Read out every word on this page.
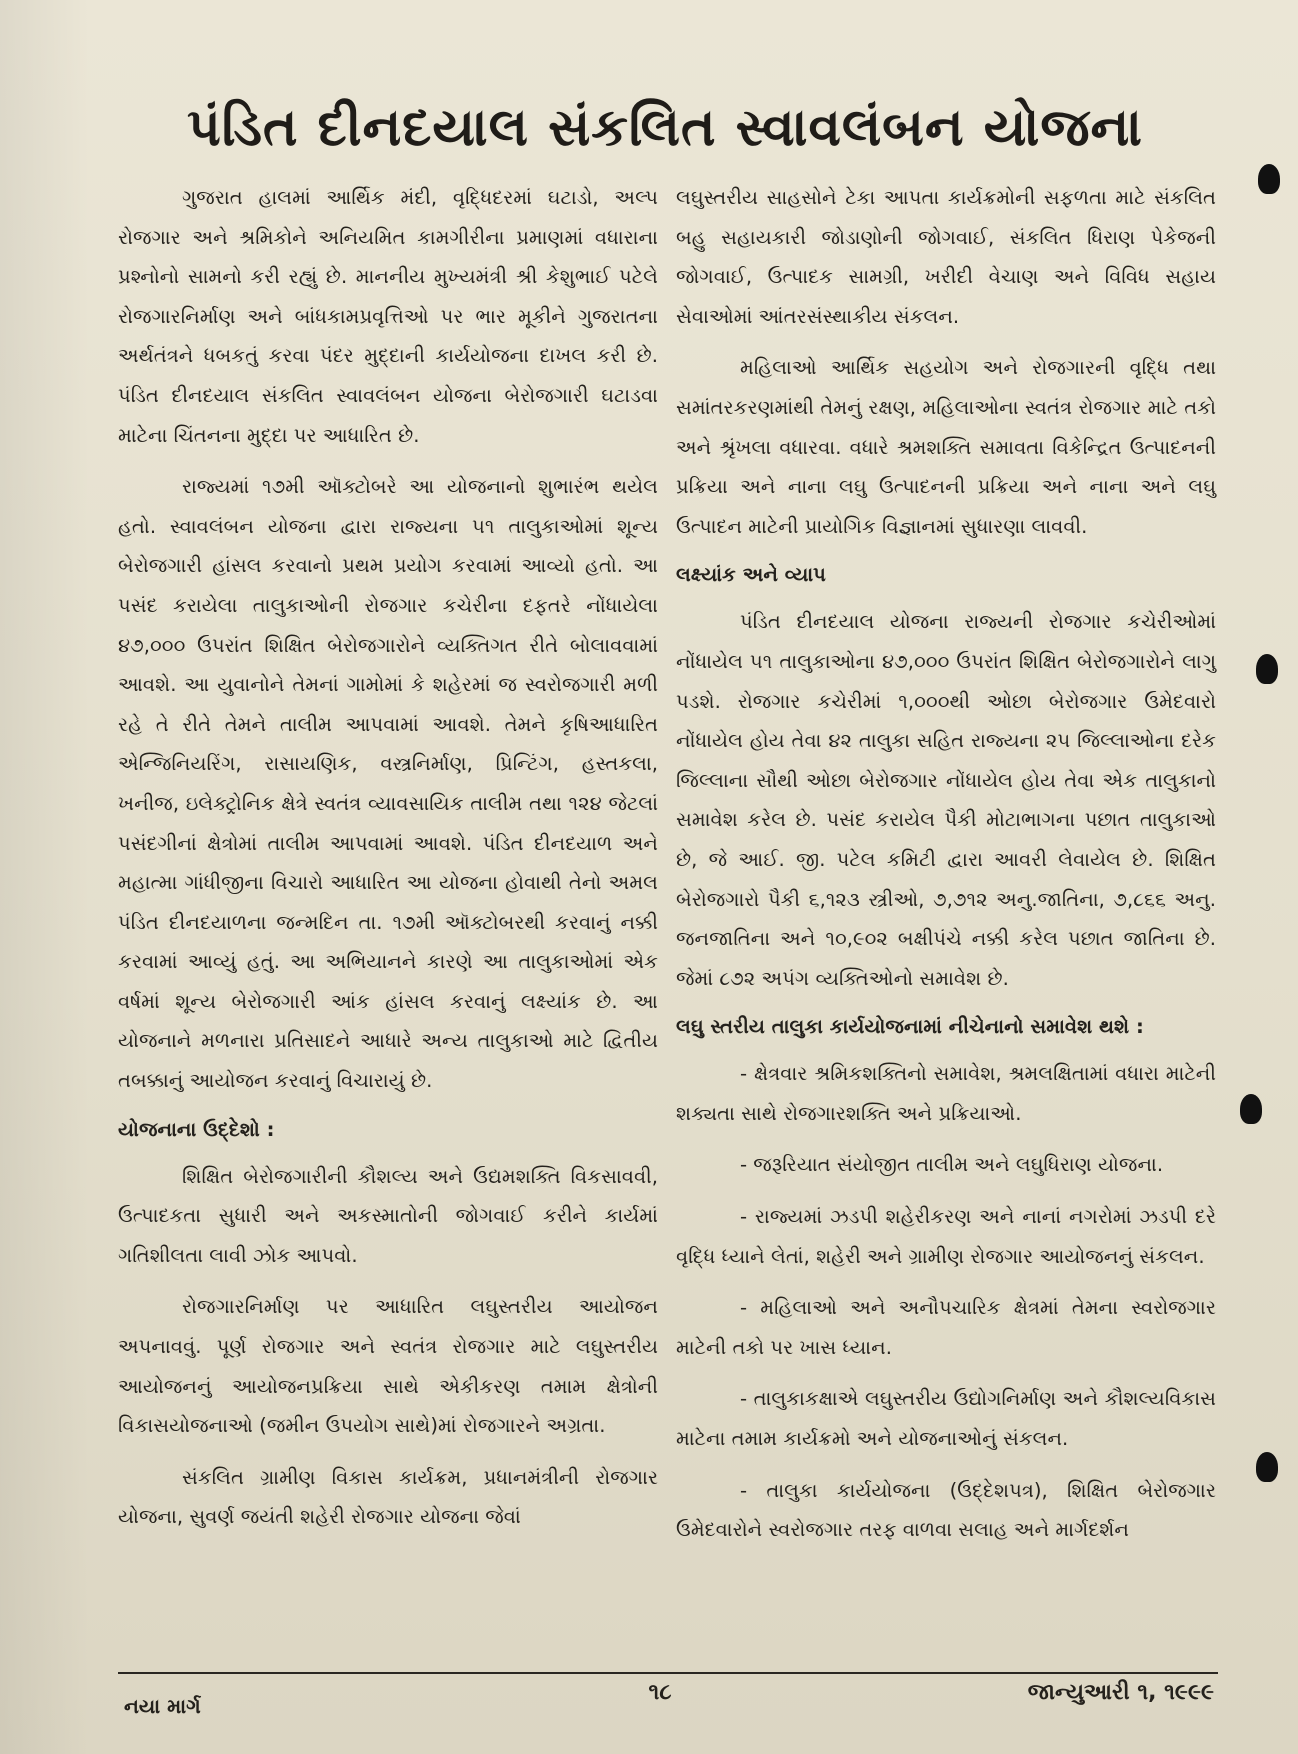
પંડિત દીનદયાલ સંકલિત સ્વાવલંબન યોજના

ગુજરાત હાલમાં આર્થિક મંદી, વૃદ્ધિદરમાં ઘટાડો, અલ્પ રોજગાર અને શ્રમિકોને અનિયમિત કામગીરીના પ્રમાણમાં વધારાના પ્રશ્નોનો સામનો કરી રહ્યું છે. માનનીય મુખ્યમંત્રી શ્રી કેશુભાઈ પટેલે રોજગારનિર્માણ અને બાંધકામપ્રવૃત્તિઓ પર ભાર મૂકીને ગુજરાતના અર્થતંત્રને ધબકતું કરવા પંદર મુદ્દાની કાર્યયોજના દાખલ કરી છે. પંડિત દીનદયાલ સંકલિત સ્વાવલંબન યોજના બેરોજગારી ઘટાડવા માટેના ચિંતનના મુદ્દા પર આધારિત છે.

રાજ્યમાં ૧૭મી ઑક્ટોબરે આ યોજનાનો શુભારંભ થયેલ હતો. સ્વાવલંબન યોજના દ્વારા રાજ્યના ૫૧ તાલુકાઓમાં શૂન્ય બેરોજગારી હાંસલ કરવાનો પ્રથમ પ્રયોગ કરવામાં આવ્યો હતો. આ પસંદ કરાયેલા તાલુકાઓની રોજગાર કચેરીના દફતરે નોંધાયેલા ૪૭,૦૦૦ ઉપરાંત શિક્ષિત બેરોજગારોને વ્યક્તિગત રીતે બોલાવવામાં આવશે. આ યુવાનોને તેમનાં ગામોમાં કે શહેરમાં જ સ્વરોજગારી મળી રહે તે રીતે તેમને તાલીમ આપવામાં આવશે. તેમને કૃષિઆધારિત એન્જિનિયરિંગ, રાસાયણિક, વસ્ત્રનિર્માણ, પ્રિન્ટિંગ, હસ્તકલા, ખનીજ, ઇલેક્ટ્રોનિક ક્ષેત્રે સ્વતંત્ર વ્યાવસાયિક તાલીમ તથા ૧૨૪ જેટલાં પસંદગીનાં ક્ષેત્રોમાં તાલીમ આપવામાં આવશે. પંડિત દીનદયાળ અને મહાત્મા ગાંધીજીના વિચારો આધારિત આ યોજના હોવાથી તેનો અમલ પંડિત દીનદયાળના જન્મદિન તા. ૧૭મી ઑક્ટોબરથી કરવાનું નક્કી કરવામાં આવ્યું હતું. આ અભિયાનને કારણે આ તાલુકાઓમાં એક વર્ષમાં શૂન્ય બેરોજગારી આંક હાંસલ કરવાનું લક્ષ્યાંક છે. આ યોજનાને મળનારા પ્રતિસાદને આધારે અન્ય તાલુકાઓ માટે દ્વિતીય તબક્કાનું આયોજન કરવાનું વિચારાયું છે.

યોજનાના ઉદ્દેશો :

શિક્ષિત બેરોજગારીની કૌશલ્ય અને ઉદ્યમશક્તિ વિકસાવવી, ઉત્પાદકતા સુધારી અને અકસ્માતોની જોગવાઈ કરીને કાર્યમાં ગતિશીલતા લાવી ઝોક આપવો.

રોજગારનિર્માણ પર આધારિત લઘુસ્તરીય આયોજન અપનાવવું. પૂર્ણ રોજગાર અને સ્વતંત્ર રોજગાર માટે લઘુસ્તરીય આયોજનનું આયોજનપ્રક્રિયા સાથે એકીકરણ તમામ ક્ષેત્રોની વિકાસયોજનાઓ (જમીન ઉપયોગ સાથે)માં રોજગારને અગ્રતા.

સંકલિત ગ્રામીણ વિકાસ કાર્યક્રમ, પ્રધાનમંત્રીની રોજગાર યોજના, સુવર્ણ જયંતી શહેરી રોજગાર યોજના જેવાં

લઘુસ્તરીય સાહસોને ટેકા આપતા કાર્યક્રમોની સફળતા માટે સંકલિત બહુ સહાયકારી જોડાણોની જોગવાઈ, સંકલિત ધિરાણ પેકેજની જોગવાઈ, ઉત્પાદક સામગ્રી, ખરીદી વેચાણ અને વિવિધ સહાય સેવાઓમાં આંતરસંસ્થાકીય સંકલન.

મહિલાઓ આર્થિક સહયોગ અને રોજગારની વૃદ્ધિ તથા સમાંતરકરણમાંથી તેમનું રક્ષણ, મહિલાઓના સ્વતંત્ર રોજગાર માટે તકો અને શ્રૃંખલા વધારવા. વધારે શ્રમશક્તિ સમાવતા વિકેન્દ્રિત ઉત્પાદનની પ્રક્રિયા અને નાના લઘુ ઉત્પાદનની પ્રક્રિયા અને નાના અને લઘુ ઉત્પાદન માટેની પ્રાયોગિક વિજ્ઞાનમાં સુધારણા લાવવી.

લક્ષ્યાંક અને વ્યાપ

પંડિત દીનદયાલ યોજના રાજ્યની રોજગાર કચેરીઓમાં નોંધાયેલ ૫૧ તાલુકાઓના ૪૭,૦૦૦ ઉપરાંત શિક્ષિત બેરોજગારોને લાગુ પડશે. રોજગાર કચેરીમાં ૧,૦૦૦થી ઓછા બેરોજગાર ઉમેદવારો નોંધાયેલ હોય તેવા ૪૨ તાલુકા સહિત રાજ્યના ૨૫ જિલ્લાઓના દરેક જિલ્લાના સૌથી ઓછા બેરોજગાર નોંધાયેલ હોય તેવા એક તાલુકાનો સમાવેશ કરેલ છે. પસંદ કરાયેલ પૈકી મોટાભાગના પછાત તાલુકાઓ છે, જે આઈ. જી. પટેલ કમિટી દ્વારા આવરી લેવાયેલ છે. શિક્ષિત બેરોજગારો પૈકી ૬,૧૨૩ સ્ત્રીઓ, ૭,૭૧૨ અનુ.જાતિના, ૭,૮૬૬ અનુ. જનજાતિના અને ૧૦,૯૦૨ બક્ષીપંચે નક્કી કરેલ પછાત જાતિના છે. જેમાં ૮૭૨ અપંગ વ્યક્તિઓનો સમાવેશ છે.

લઘુ સ્તરીય તાલુકા કાર્યયોજનામાં નીચેનાનો સમાવેશ થશે :

- ક્ષેત્રવાર શ્રમિકશક્તિનો સમાવેશ, શ્રમલક્ષિતામાં વધારા માટેની શક્યતા સાથે રોજગારશક્તિ અને પ્રક્રિયાઓ.

- જરૂરિયાત સંયોજીત તાલીમ અને લઘુધિરાણ યોજના.

- રાજ્યમાં ઝડપી શહેરીકરણ અને નાનાં નગરોમાં ઝડપી દરે વૃદ્ધિ ધ્યાને લેતાં, શહેરી અને ગ્રામીણ રોજગાર આયોજનનું સંકલન.

- મહિલાઓ અને અનૌપચારિક ક્ષેત્રમાં તેમના સ્વરોજગાર માટેની તકો પર ખાસ ધ્યાન.

- તાલુકાકક્ષાએ લઘુસ્તરીય ઉદ્યોગનિર્માણ અને કૌશલ્યવિકાસ માટેના તમામ કાર્યક્રમો અને યોજનાઓનું સંકલન.

- તાલુકા કાર્યયોજના (ઉદ્દેશપત્ર), શિક્ષિત બેરોજગાર ઉમેદવારોને સ્વરોજગાર તરફ વાળવા સલાહ અને માર્ગદર્શન

નયા માર્ગ
૧૮	જાન્યુઆરી ૧, ૧૯૯૯
